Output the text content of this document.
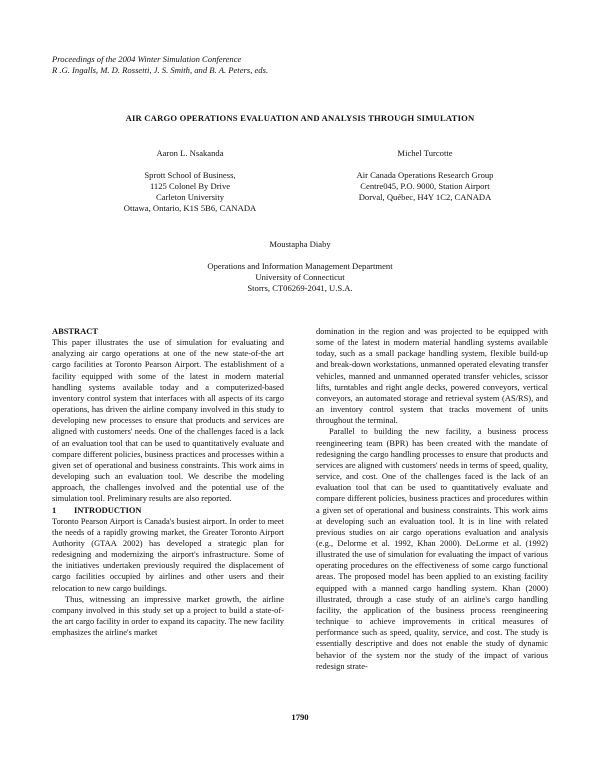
Proceedings of the 2004 Winter Simulation Conference
R .G. Ingalls, M. D. Rossetti, J. S. Smith, and B. A. Peters, eds.
AIR CARGO OPERATIONS EVALUATION AND ANALYSIS THROUGH SIMULATION
Aaron L. Nsakanda
Sprott School of Business,
1125 Colonel By Drive
Carleton University
Ottawa, Ontario, K1S 5B6, CANADA
Michel Turcotte
Air Canada Operations Research Group
Centre045, P.O. 9000, Station Airport
Dorval, Québec, H4Y 1C2, CANADA
Moustapha Diaby
Operations and Information Management Department
University of Connecticut
Storrs, CT06269-2041, U.S.A.

ABSTRACT

This paper illustrates the use of simulation for evaluating and analyzing air cargo operations at one of the new state-of-the art cargo facilities at Toronto Pearson Airport. The establishment of a facility equipped with some of the latest in modern material handling systems available today and a computerized-based inventory control system that interfaces with all aspects of its cargo operations, has driven the airline company involved in this study to developing new processes to ensure that products and services are aligned with customers' needs. One of the challenges faced is a lack of an evaluation tool that can be used to quantitatively evaluate and compare different policies, business practices and processes within a given set of operational and business constraints. This work aims in developing such an evaluation tool. We describe the modeling approach, the challenges involved and the potential use of the simulation tool. Preliminary results are also reported.

1 INTRODUCTION

Toronto Pearson Airport is Canada's busiest airport. In order to meet the needs of a rapidly growing market, the Greater Toronto Airport Authority (GTAA 2002) has developed a strategic plan for redesigning and modernizing the airport's infrastructure. Some of the initiatives undertaken previously required the displacement of cargo facilities occupied by airlines and other users and their relocation to new cargo buildings.

Thus, witnessing an impressive market growth, the airline company involved in this study set up a project to build a state-of-the art cargo facility in order to expand its capacity. The new facility emphasizes the airline's market

domination in the region and was projected to be equipped with some of the latest in modern material handling systems available today, such as a small package handling system, flexible build-up and break-down workstations, unmanned operated elevating transfer vehicles, manned and unmanned operated transfer vehicles, scissor lifts, turntables and right angle decks, powered conveyors, vertical conveyors, an automated storage and retrieval system (AS/RS), and an inventory control system that tracks movement of units throughout the terminal.

Parallel to building the new facility, a business process reengineering team (BPR) has been created with the mandate of redesigning the cargo handling processes to ensure that products and services are aligned with customers' needs in terms of speed, quality, service, and cost. One of the challenges faced is the lack of an evaluation tool that can be used to quantitatively evaluate and compare different policies, business practices and procedures within a given set of operational and business constraints. This work aims at developing such an evaluation tool. It is in line with related previous studies on air cargo operations evaluation and analysis (e.g., Delorme et al. 1992, Khan 2000). DeLorme et al. (1992) illustrated the use of simulation for evaluating the impact of various operating procedures on the effectiveness of some cargo functional areas. The proposed model has been applied to an existing facility equipped with a manned cargo handling system. Khan (2000) illustrated, through a case study of an airline's cargo handling facility, the application of the business process reengineering technique to achieve improvements in critical measures of performance such as speed, quality, service, and cost. The study is essentially descriptive and does not enable the study of dynamic behavior of the system nor the study of the impact of various redesign strate-

1790
